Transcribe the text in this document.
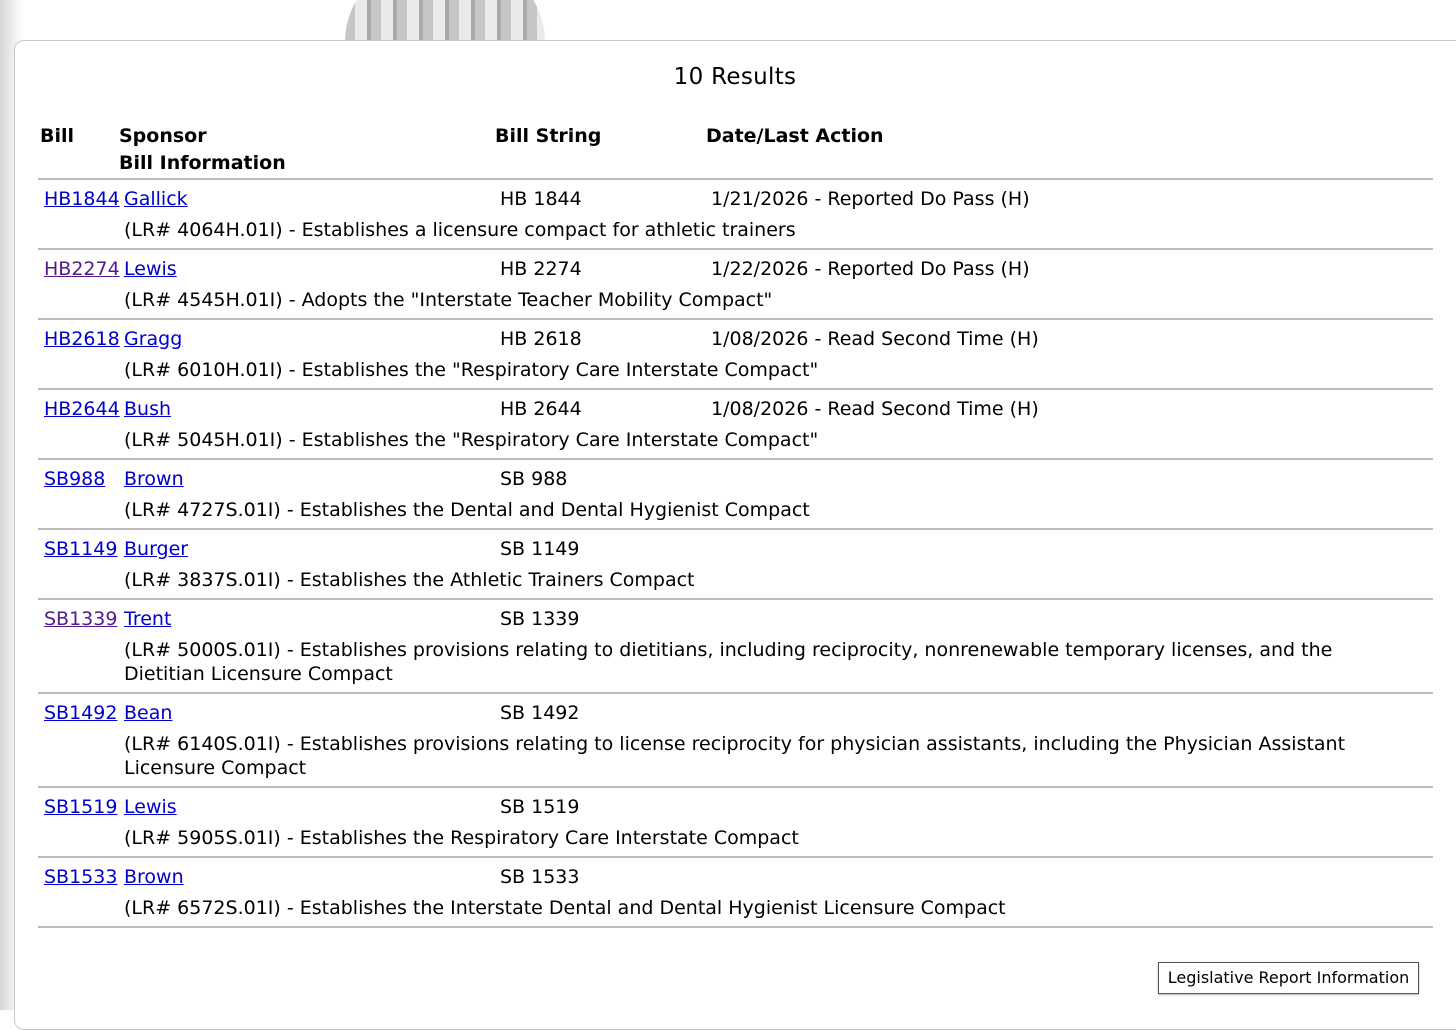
10 Results
Bill Sponsor
Bill Information
Bill String	Date/Last Action
HB1844 Gallick	HB 1844	1/21/2026 - Reported Do Pass (H)
(LR# 4064H.01I) - Establishes a licensure compact for athletic trainers
HB2274 Lewis	HB 2274	1/22/2026 - Reported Do Pass (H)
(LR# 4545H.01I) - Adopts the "Interstate Teacher Mobility Compact"
HB2618 Gragg	HB 2618	1/08/2026 - Read Second Time (H)
(LR# 6010H.01I) - Establishes the "Respiratory Care Interstate Compact"
HB2644 Bush	HB 2644	1/08/2026 - Read Second Time (H)
(LR# 5045H.01I) - Establishes the "Respiratory Care Interstate Compact"
SB988 Brown	SB 988
(LR# 4727S.01I) - Establishes the Dental and Dental Hygienist Compact
SB1149 Burger	SB 1149
(LR# 3837S.01I) - Establishes the Athletic Trainers Compact
SB1339 Trent	SB 1339
(LR# 5000S.01I) - Establishes provisions relating to dietitians, including reciprocity, nonrenewable temporary licenses, and the Dietitian Licensure Compact
SB1492 Bean	SB 1492
(LR# 6140S.01I) - Establishes provisions relating to license reciprocity for physician assistants, including the Physician Assistant Licensure Compact
SB1519 Lewis	SB 1519
(LR# 5905S.01I) - Establishes the Respiratory Care Interstate Compact
SB1533 Brown	SB 1533
(LR# 6572S.01I) - Establishes the Interstate Dental and Dental Hygienist Licensure Compact
Legislative Report Information
